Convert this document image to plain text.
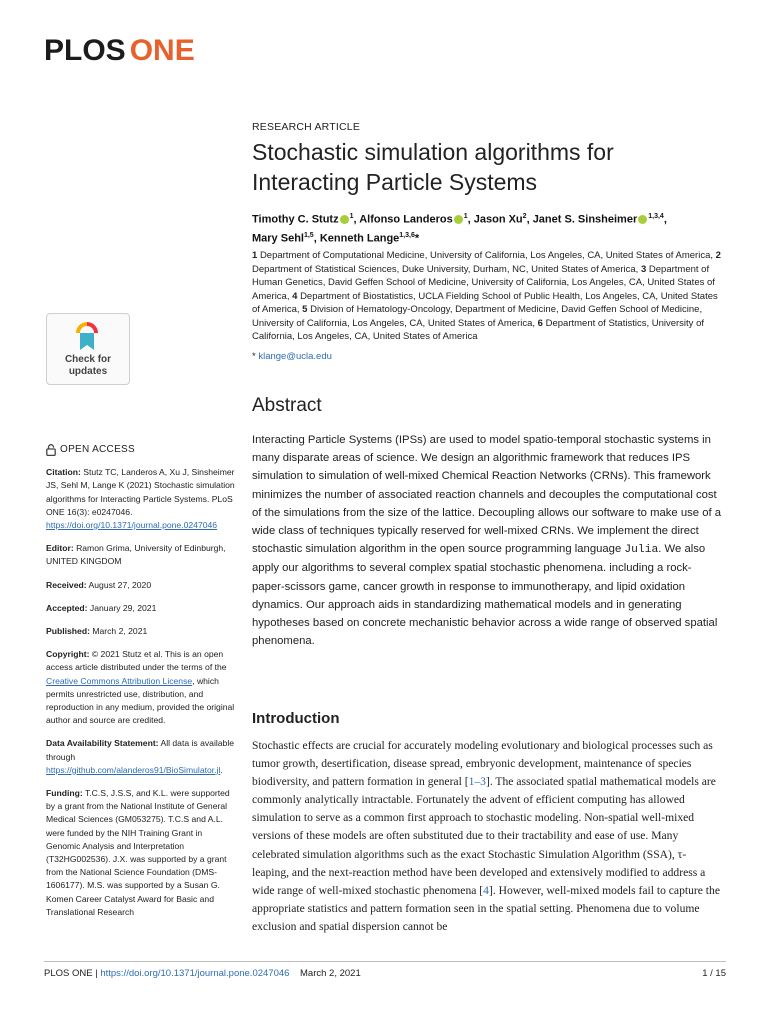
PLOS ONE
RESEARCH ARTICLE
Stochastic simulation algorithms for Interacting Particle Systems
Timothy C. Stutz $^1$, Alfonso Landeros $^1$, Jason Xu$^2$, Janet S. Sinsheimer $^{1,3,4}$,
Mary Sehl$^{1,5}$, Kenneth Lange$^{1,3,6}$*
1 Department of Computational Medicine, University of California, Los Angeles, CA, United States of America, 2 Department of Statistical Sciences, Duke University, Durham, NC, United States of America, 3 Department of Human Genetics, David Geffen School of Medicine, University of California, Los Angeles, CA, United States of America, 4 Department of Biostatistics, UCLA Fielding School of Public Health, Los Angeles, CA, United States of America, 5 Division of Hematology-Oncology, Department of Medicine, David Geffen School of Medicine, University of California, Los Angeles, CA, United States of America, 6 Department of Statistics, University of California, Los Angeles, CA, United States of America
* klange@ucla.edu
Check for
updates
Abstract
Interacting Particle Systems (IPSs) are used to model spatio-temporal stochastic systems in many disparate areas of science. We design an algorithmic framework that reduces IPS simulation to simulation of well-mixed Chemical Reaction Networks (CRNs). This framework minimizes the number of associated reaction channels and decouples the computational cost of the simulations from the size of the lattice. Decoupling allows our software to make use of a wide class of techniques typically reserved for well-mixed CRNs. We implement the direct stochastic simulation algorithm in the open source programming language Julia. We also apply our algorithms to several complex spatial stochastic phenomena. including a rock-paper-scissors game, cancer growth in response to immunotherapy, and lipid oxidation dynamics. Our approach aids in standardizing mathematical models and in generating hypotheses based on concrete mechanistic behavior across a wide range of observed spatial phenomena.
OPEN ACCESS

Citation: Stutz TC, Landeros A, Xu J, Sinsheimer JS, Sehl M, Lange K (2021) Stochastic simulation algorithms for Interacting Particle Systems. PLoS ONE 16(3): e0247046. https://doi.org/10.1371/journal.pone.0247046

Editor: Ramon Grima, University of Edinburgh, UNITED KINGDOM

Received: August 27, 2020

Accepted: January 29, 2021

Published: March 2, 2021

Copyright: © 2021 Stutz et al. This is an open access article distributed under the terms of the Creative Commons Attribution License, which permits unrestricted use, distribution, and reproduction in any medium, provided the original author and source are credited.

Data Availability Statement: All data is available through https://github.com/alanderos91/BioSimulator.jl.

Funding: T.C.S, J.S.S, and K.L. were supported by a grant from the National Institute of General Medical Sciences (GM053275). T.C.S and A.L. were funded by the NIH Training Grant in Genomic Analysis and Interpretation (T32HG002536). J.X. was supported by a grant from the National Science Foundation (DMS-1606177). M.S. was supported by a Susan G. Komen Career Catalyst Award for Basic and Translational Research

Introduction
Stochastic effects are crucial for accurately modeling evolutionary and biological processes such as tumor growth, desertification, disease spread, embryonic development, maintenance of species biodiversity, and pattern formation in general [1–3]. The associated spatial mathematical models are commonly analytically intractable. Fortunately the advent of efficient computing has allowed simulation to serve as a common first approach to stochastic modeling. Non-spatial well-mixed versions of these models are often substituted due to their tractability and ease of use. Many celebrated simulation algorithms such as the exact Stochastic Simulation Algorithm (SSA), τ-leaping, and the next-reaction method have been developed and extensively modified to address a wide range of well-mixed stochastic phenomena [4]. However, well-mixed models fail to capture the appropriate statistics and pattern formation seen in the spatial setting. Phenomena due to volume exclusion and spatial dispersion cannot be
PLOS ONE | https://doi.org/10.1371/journal.pone.0247046 March 2, 2021	1 / 15
